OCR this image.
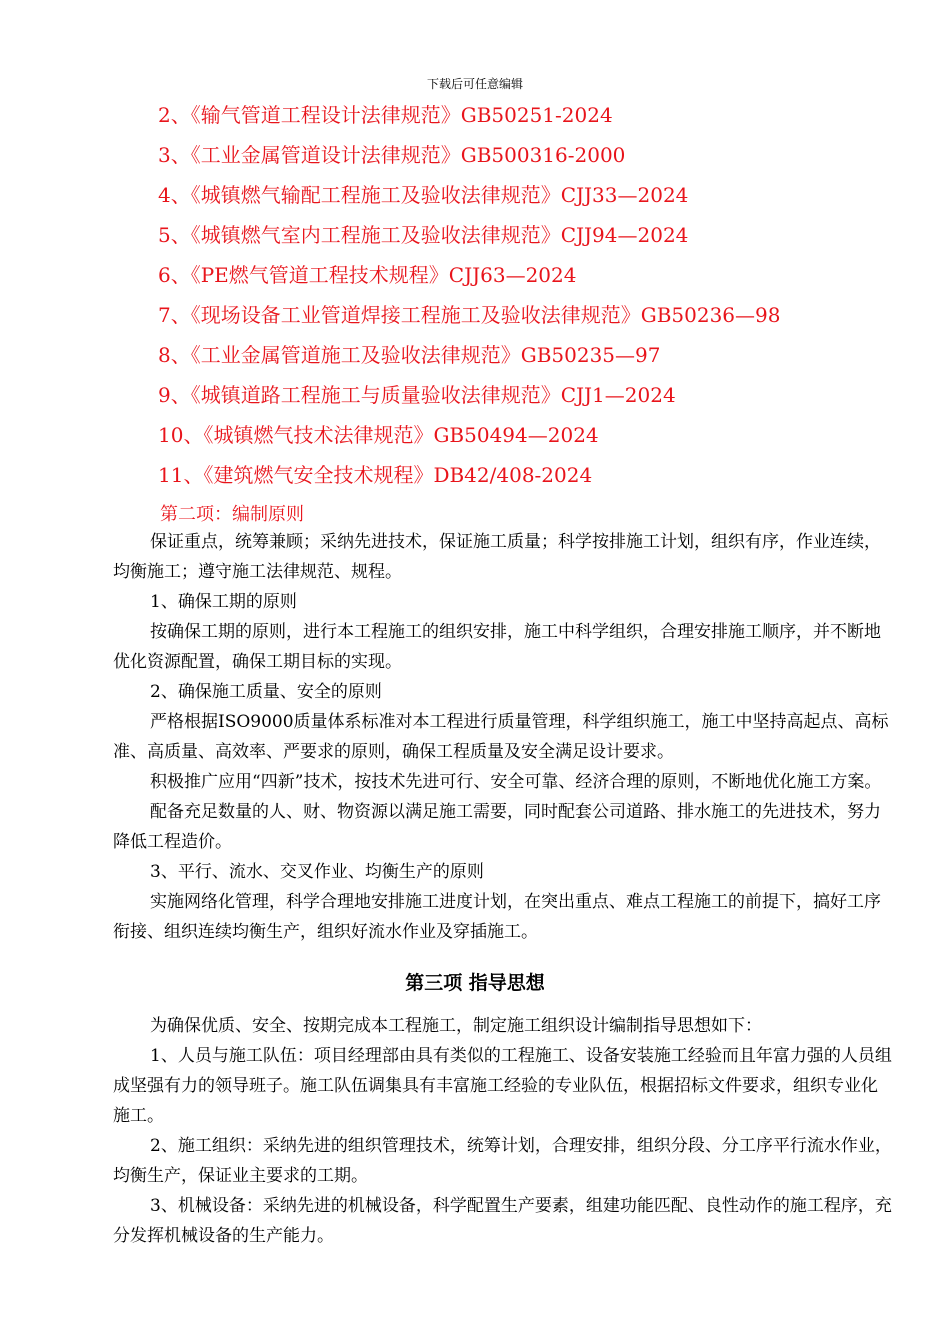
下载后可任意编辑
2、《输气管道工程设计法律规范》GB50251-2024
3、《工业金属管道设计法律规范》GB500316-2000
4、《城镇燃气输配工程施工及验收法律规范》CJJ33—2024
5、《城镇燃气室内工程施工及验收法律规范》CJJ94—2024
6、《PE燃气管道工程技术规程》CJJ63—2024
7、《现场设备工业管道焊接工程施工及验收法律规范》GB50236—98
8、《工业金属管道施工及验收法律规范》GB50235—97
9、《城镇道路工程施工与质量验收法律规范》CJJ1—2024
10、《城镇燃气技术法律规范》GB50494—2024
11、《建筑燃气安全技术规程》DB42/408-2024
第二项：编制原则

保证重点，统筹兼顾；采纳先进技术，保证施工质量；科学按排施工计划，组织有序，作业连续，均衡施工；遵守施工法律规范、规程。

1、确保工期的原则

按确保工期的原则，进行本工程施工的组织安排，施工中科学组织，合理安排施工顺序，并不断地优化资源配置，确保工期目标的实现。

2、确保施工质量、安全的原则

严格根据ISO9000质量体系标准对本工程进行质量管理，科学组织施工，施工中坚持高起点、高标准、高质量、高效率、严要求的原则，确保工程质量及安全满足设计要求。

积极推广应用“四新”技术，按技术先进可行、安全可靠、经济合理的原则，不断地优化施工方案。

配备充足数量的人、财、物资源以满足施工需要，同时配套公司道路、排水施工的先进技术，努力降低工程造价。

3、平行、流水、交叉作业、均衡生产的原则

实施网络化管理，科学合理地安排施工进度计划，在突出重点、难点工程施工的前提下，搞好工序衔接、组织连续均衡生产，组织好流水作业及穿插施工。

第三项 指导思想

为确保优质、安全、按期完成本工程施工，制定施工组织设计编制指导思想如下：

1、人员与施工队伍：项目经理部由具有类似的工程施工、设备安装施工经验而且年富力强的人员组成坚强有力的领导班子。施工队伍调集具有丰富施工经验的专业队伍，根据招标文件要求，组织专业化施工。

2、施工组织：采纳先进的组织管理技术，统筹计划，合理安排，组织分段、分工序平行流水作业，均衡生产，保证业主要求的工期。

3、机械设备：采纳先进的机械设备，科学配置生产要素，组建功能匹配、良性动作的施工程序，充分发挥机械设备的生产能力。
